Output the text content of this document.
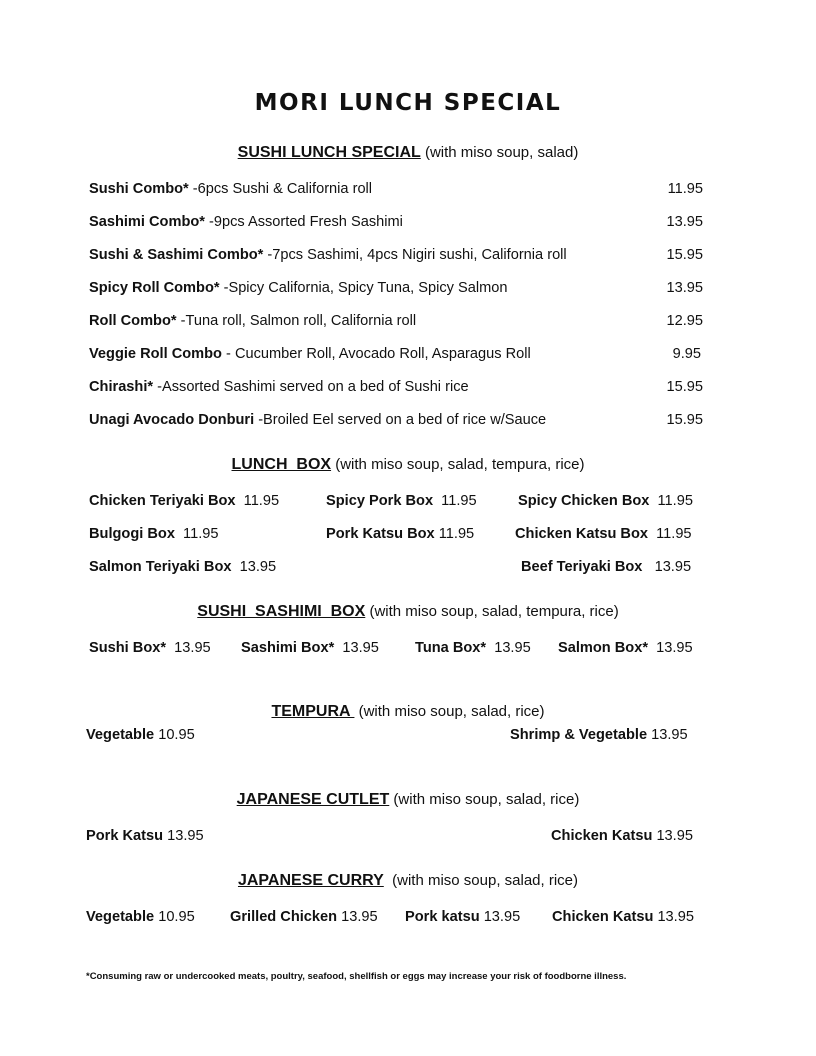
MORI LUNCH SPECIAL
SUSHI LUNCH SPECIAL (with miso soup, salad)
Sushi Combo* -6pcs Sushi & California roll	11.95
Sashimi Combo* -9pcs Assorted Fresh Sashimi	13.95
Sushi & Sashimi Combo* -7pcs Sashimi, 4pcs Nigiri sushi, California roll	15.95
Spicy Roll Combo* -Spicy California, Spicy Tuna, Spicy Salmon	13.95
Roll Combo* -Tuna roll, Salmon roll, California roll	12.95
Veggie Roll Combo - Cucumber Roll, Avocado Roll, Asparagus Roll	9.95
Chirashi* -Assorted Sashimi served on a bed of Sushi rice	15.95
Unagi Avocado Donburi -Broiled Eel served on a bed of rice w/Sauce	15.95
LUNCH  BOX (with miso soup, salad, tempura, rice)
Chicken Teriyaki Box 11.95	Spicy Pork Box 11.95	Spicy Chicken Box 11.95
Bulgogi Box 11.95	Pork Katsu Box 11.95	Chicken Katsu Box 11.95
Salmon Teriyaki Box 13.95	Beef Teriyaki Box 13.95
SUSHI  SASHIMI  BOX (with miso soup, salad, tempura, rice)
Sushi Box* 13.95 Sashimi Box* 13.95 Tuna Box* 13.95 Salmon Box* 13.95
TEMPURA  (with miso soup, salad, rice)
Vegetable 10.95	Shrimp & Vegetable 13.95
JAPANESE CUTLET (with miso soup, salad, rice)
Pork Katsu 13.95	Chicken Katsu 13.95
JAPANESE CURRY  (with miso soup, salad, rice)
Vegetable 10.95 Grilled Chicken 13.95 Pork katsu 13.95 Chicken Katsu 13.95
*Consuming raw or undercooked meats, poultry, seafood, shellfish or eggs may increase your risk of foodborne illness.
